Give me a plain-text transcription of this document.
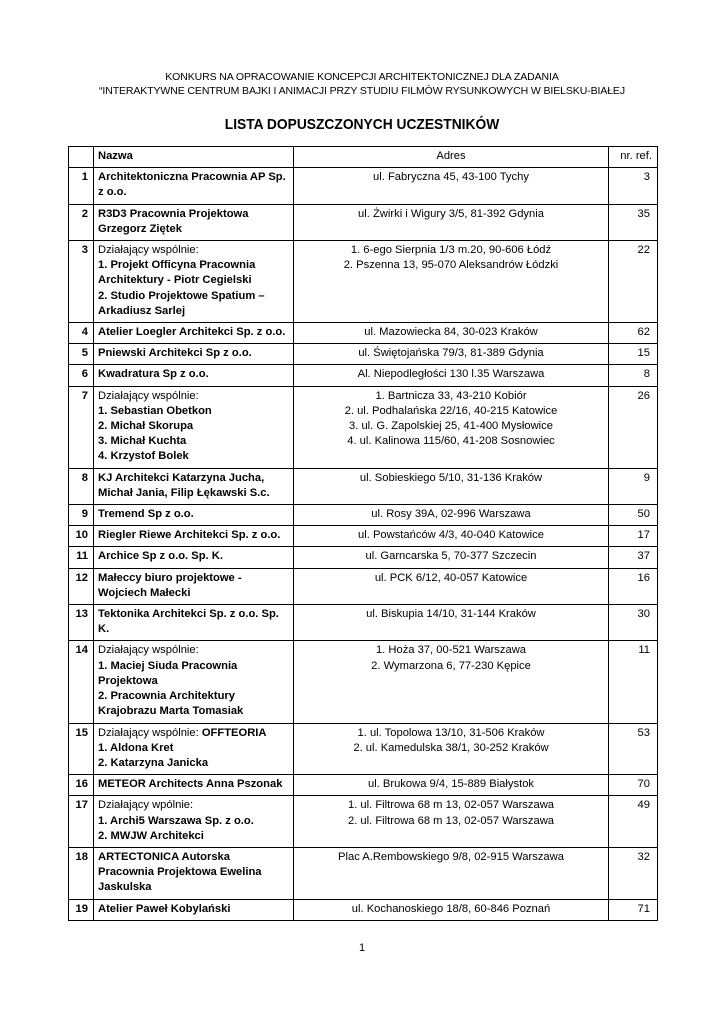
KONKURS NA OPRACOWANIE KONCEPCJI ARCHITEKTONICZNEJ DLA ZADANIA
“INTERAKTYWNE CENTRUM BAJKI I ANIMACJI PRZY STUDIU FILMÓW RYSUNKOWYCH W BIELSKU-BIAŁEJ
LISTA DOPUSZCZONYCH UCZESTNIKÓW
	Nazwa	Adres	nr. ref.
1	Architektoniczna Pracownia AP Sp. z o.o.	ul. Fabryczna 45, 43-100 Tychy	3
2	R3D3 Pracownia Projektowa Grzegorz Ziętek	ul. Żwirki i Wigury 3/5, 81-392 Gdynia	35
3	Działający wspólnie:
1. Projekt Officyna Pracownia Architektury - Piotr Cegielski
2. Studio Projektowe Spatium – Arkadiusz Sarlej	1. 6-ego Sierpnia 1/3 m.20, 90-606 Łódź
2. Pszenna 13, 95-070 Aleksandrów Łódzki	22
4	Atelier Loegler Architekci Sp. z o.o.	ul. Mazowiecka 84, 30-023 Kraków	62
5	Pniewski Architekci Sp z o.o.	ul. Świętojańska 79/3, 81-389 Gdynia	15
6	Kwadratura Sp z o.o.	Al. Niepodległości 130 l.35 Warszawa	8
7	Działający wspólnie:
1. Sebastian Obetkon
2. Michał Skorupa
3. Michał Kuchta
4. Krzystof Bolek	1. Bartnicza 33, 43-210 Kobiór
2. ul. Podhalańska 22/16, 40-215 Katowice
3. ul. G. Zapolskiej 25, 41-400 Mysłowice
4. ul. Kalinowa 115/60, 41-208 Sosnowiec	26
8	KJ Architekci Katarzyna Jucha, Michał Jania, Filip Łękawski S.c.	ul. Sobieskiego 5/10, 31-136 Kraków	9
9	Tremend Sp z o.o.	ul. Rosy 39A, 02-996 Warszawa	50
10	Riegler Riewe Architekci Sp. z o.o.	ul. Powstańców 4/3, 40-040 Katowice	17
11	Archice Sp z o.o. Sp. K.	ul. Garncarska 5, 70-377 Szczecin	37
12	Małeccy biuro projektowe - Wojciech Małecki	ul. PCK 6/12, 40-057 Katowice	16
13	Tektonika Architekci Sp. z o.o. Sp. K.	ul. Biskupia 14/10, 31-144 Kraków	30
14	Działający wspólnie:
1. Maciej Siuda Pracownia Projektowa
2. Pracownia Architektury Krajobrazu Marta Tomasiak	1. Hoża 37, 00-521 Warszawa
2. Wymarzona 6, 77-230 Kępice	11
15	Działający wspólnie: OFFTEORIA
1. Aldona Kret
2. Katarzyna Janicka	1. ul. Topolowa 13/10, 31-506 Kraków
2. ul. Kamedulska 38/1, 30-252 Kraków	53
16	METEOR Architects Anna Pszonak	ul. Brukowa 9/4, 15-889 Białystok	70
17	Działający wpólnie:
1. Archi5 Warszawa Sp. z o.o.
2. MWJW Architekci	1. ul. Filtrowa 68 m 13, 02-057 Warszawa
2. ul. Filtrowa 68 m 13, 02-057 Warszawa	49
18	ARTECTONICA Autorska Pracownia Projektowa Ewelina Jaskulska	Plac A.Rembowskiego 9/8, 02-915 Warszawa	32
19	Atelier Paweł Kobylański	ul. Kochanoskiego 18/8, 60-846 Poznań	71
1
